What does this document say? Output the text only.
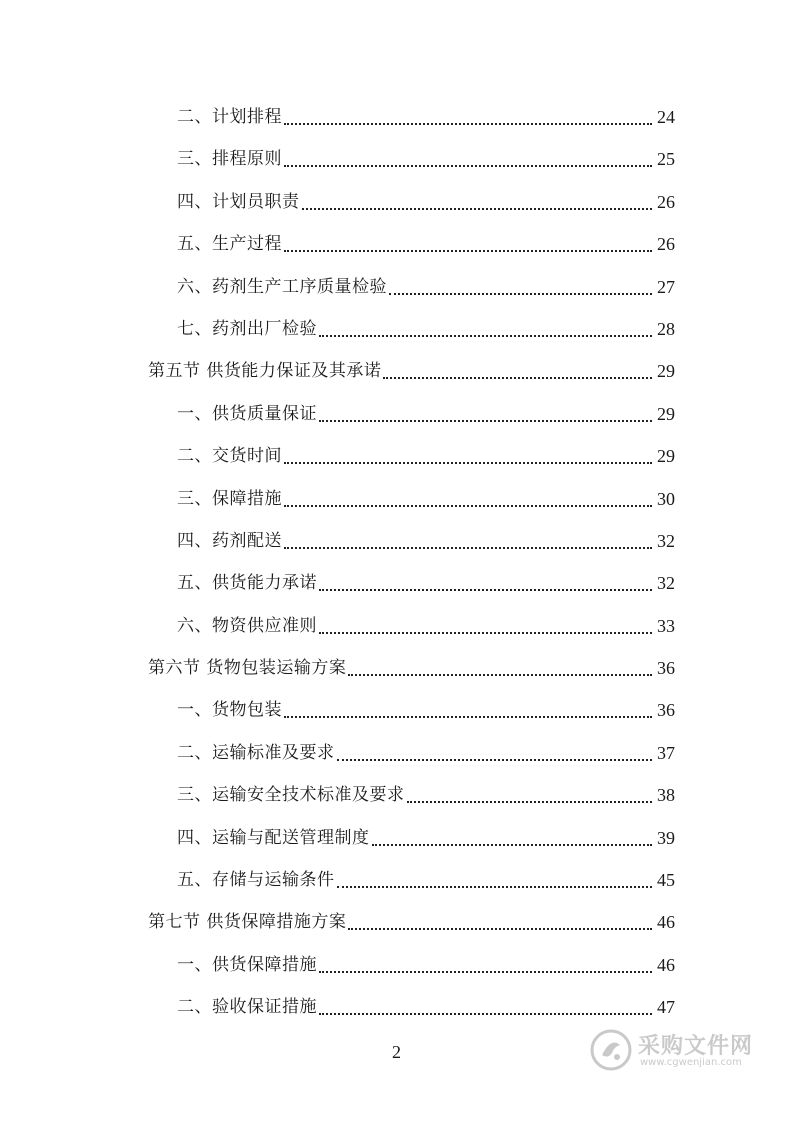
二、计划排程	24
三、排程原则	25
四、计划员职责	26
五、生产过程	26
六、药剂生产工序质量检验	27
七、药剂出厂检验	28
第五节 供货能力保证及其承诺	29
一、供货质量保证	29
二、交货时间	29
三、保障措施	30
四、药剂配送	32
五、供货能力承诺	32
六、物资供应准则	33
第六节 货物包装运输方案	36
一、货物包装	36
二、运输标准及要求	37
三、运输安全技术标准及要求	38
四、运输与配送管理制度	39
五、存储与运输条件	45
第七节 供货保障措施方案	46
一、供货保障措施	46
二、验收保证措施	47
2	采购文件网
www.cgwenjian.com
